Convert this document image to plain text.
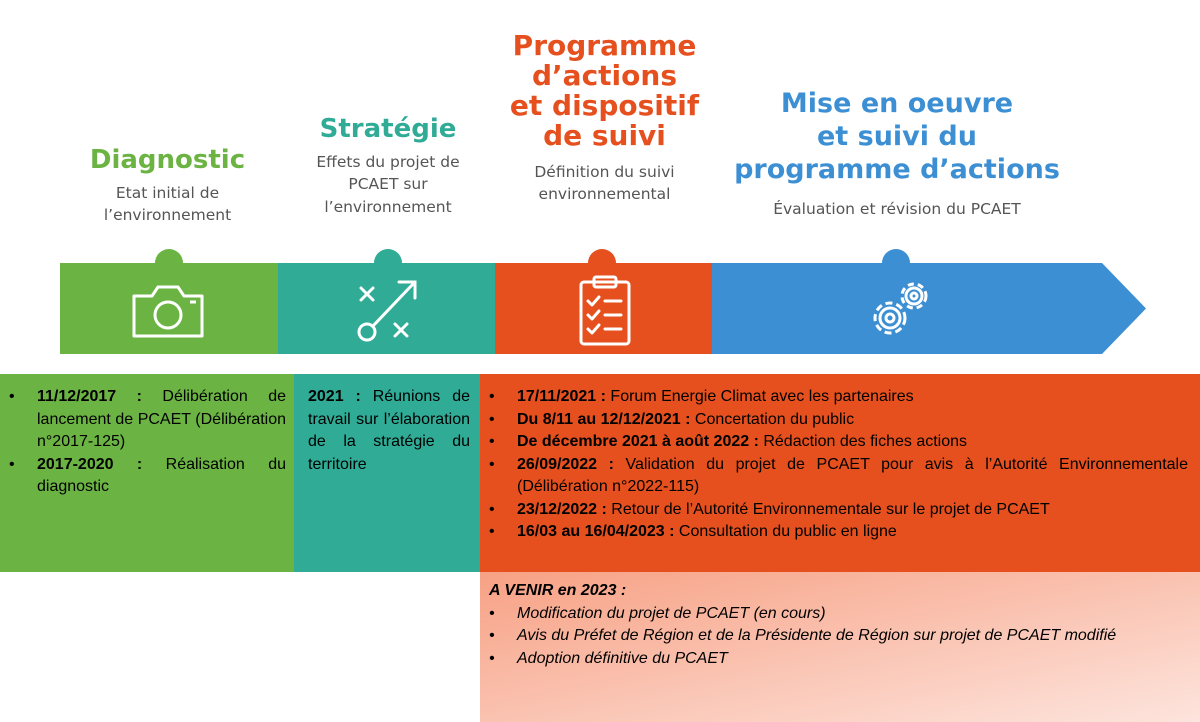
Diagnostic
Etat initial de
l’environnement
Stratégie
Effets du projet de
PCAET sur
l’environnement
Programme
d’actions
et dispositif
de suivi
Définition du suivi
environnemental
Mise en oeuvre
et suivi du
programme d’actions
Évaluation et révision du PCAET
• 11/12/2017 : Délibération de lancement de PCAET (Délibération n°2017-125)
• 2017-2020 : Réalisation du diagnostic

2021 : Réunions de travail sur l’élaboration de la stratégie du territoire

• 17/11/2021 : Forum Energie Climat avec les partenaires
• Du 8/11 au 12/12/2021 : Concertation du public
• De décembre 2021 à août 2022 : Rédaction des fiches actions
• 26/09/2022 : Validation du projet de PCAET pour avis à l’Autorité Environnementale (Délibération n°2022-115)
• 23/12/2022 : Retour de l’Autorité Environnementale sur le projet de PCAET
• 16/03 au 16/04/2023 : Consultation du public en ligne
A VENIR en 2023 :
• Modification du projet de PCAET (en cours)
• Avis du Préfet de Région et de la Présidente de Région sur projet de PCAET modifié
• Adoption définitive du PCAET
